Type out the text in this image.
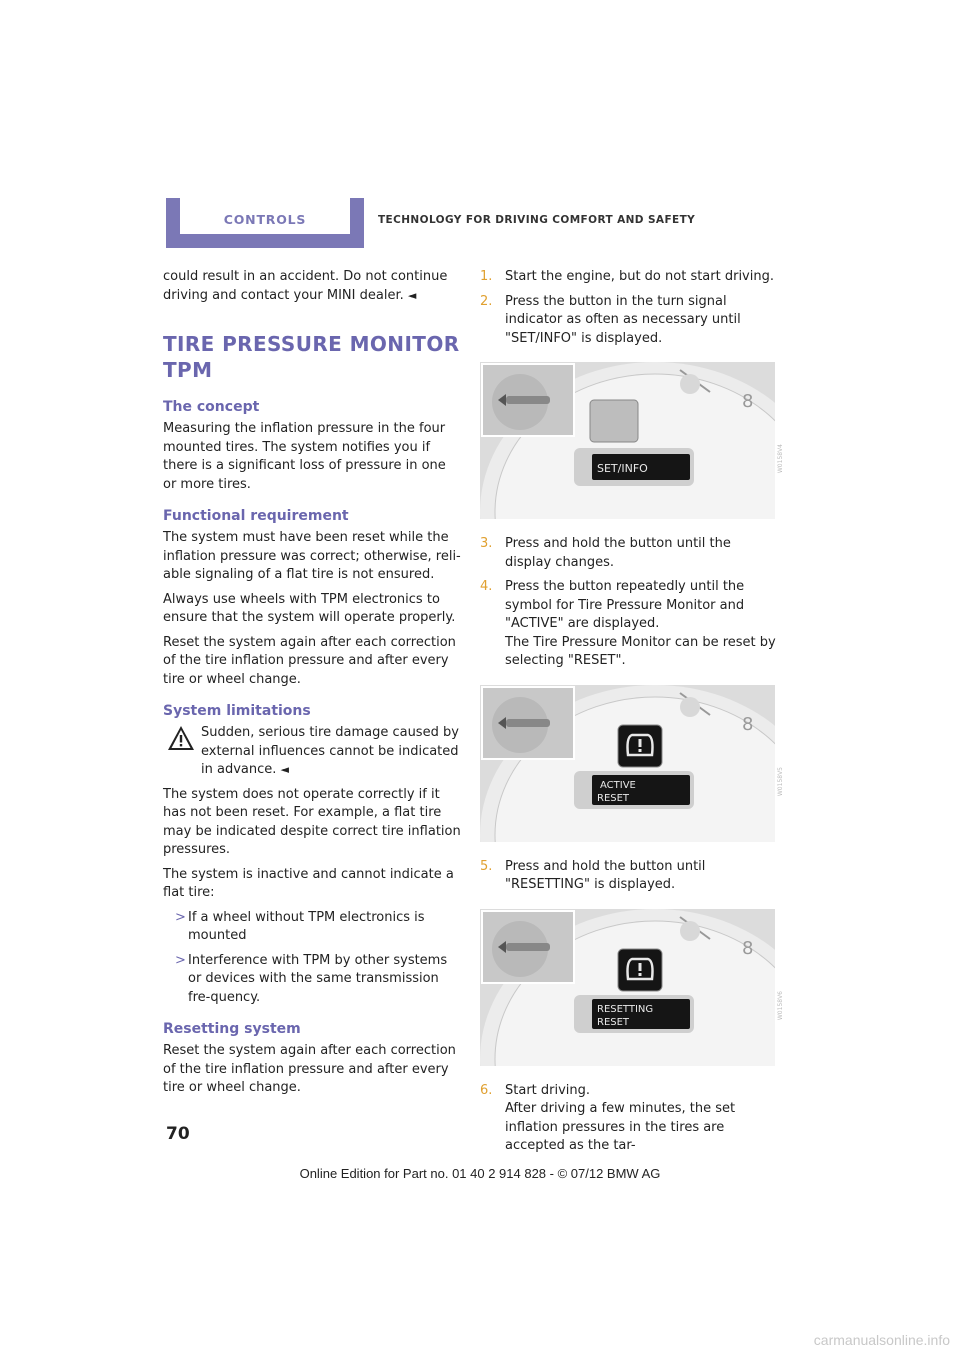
CONTROLS	TECHNOLOGY FOR DRIVING COMFORT AND SAFETY

could result in an accident. Do not continue driving and contact your MINI dealer. ◄

TIRE PRESSURE MONITOR
TPM
The concept

Measuring the inflation pressure in the four mounted tires. The system notifies you if there is a significant loss of pressure in one or more tires.

Functional requirement

The system must have been reset while the inflation pressure was correct; otherwise, reli-able signaling of a flat tire is not ensured.

Always use wheels with TPM electronics to ensure that the system will operate properly.

Reset the system again after each correction of the tire inflation pressure and after every tire or wheel change.

System limitations
Sudden, serious tire damage caused by external influences cannot be indicated in advance. ◄

The system does not operate correctly if it has not been reset. For example, a flat tire may be indicated despite correct tire inflation pressures.

The system is inactive and cannot indicate a flat tire:

> If a wheel without TPM electronics is mounted
> Interference with TPM by other systems or devices with the same transmission fre-quency.
Resetting system

Reset the system again after each correction of the tire inflation pressure and after every tire or wheel change.

1. Start the engine, but do not start driving.
2. Press the button in the turn signal indicator as often as necessary until "SET/INFO" is displayed.
8
SET/INFO	W0158V4
3. Press and hold the button until the display changes.
4. Press the button repeatedly until the symbol for Tire Pressure Monitor and "ACTIVE" are displayed.
The Tire Pressure Monitor can be reset by selecting "RESET".
8
ACTIVE
RESET
W0158V5
5. Press and hold the button until "RESETTING" is displayed.
8
RESETTING
RESET
W0158V6
6. Start driving.
After driving a few minutes, the set inflation pressures in the tires are accepted as the tar-
70
Online Edition for Part no. 01 40 2 914 828 - © 07/12 BMW AG
carmanualsonline.info
